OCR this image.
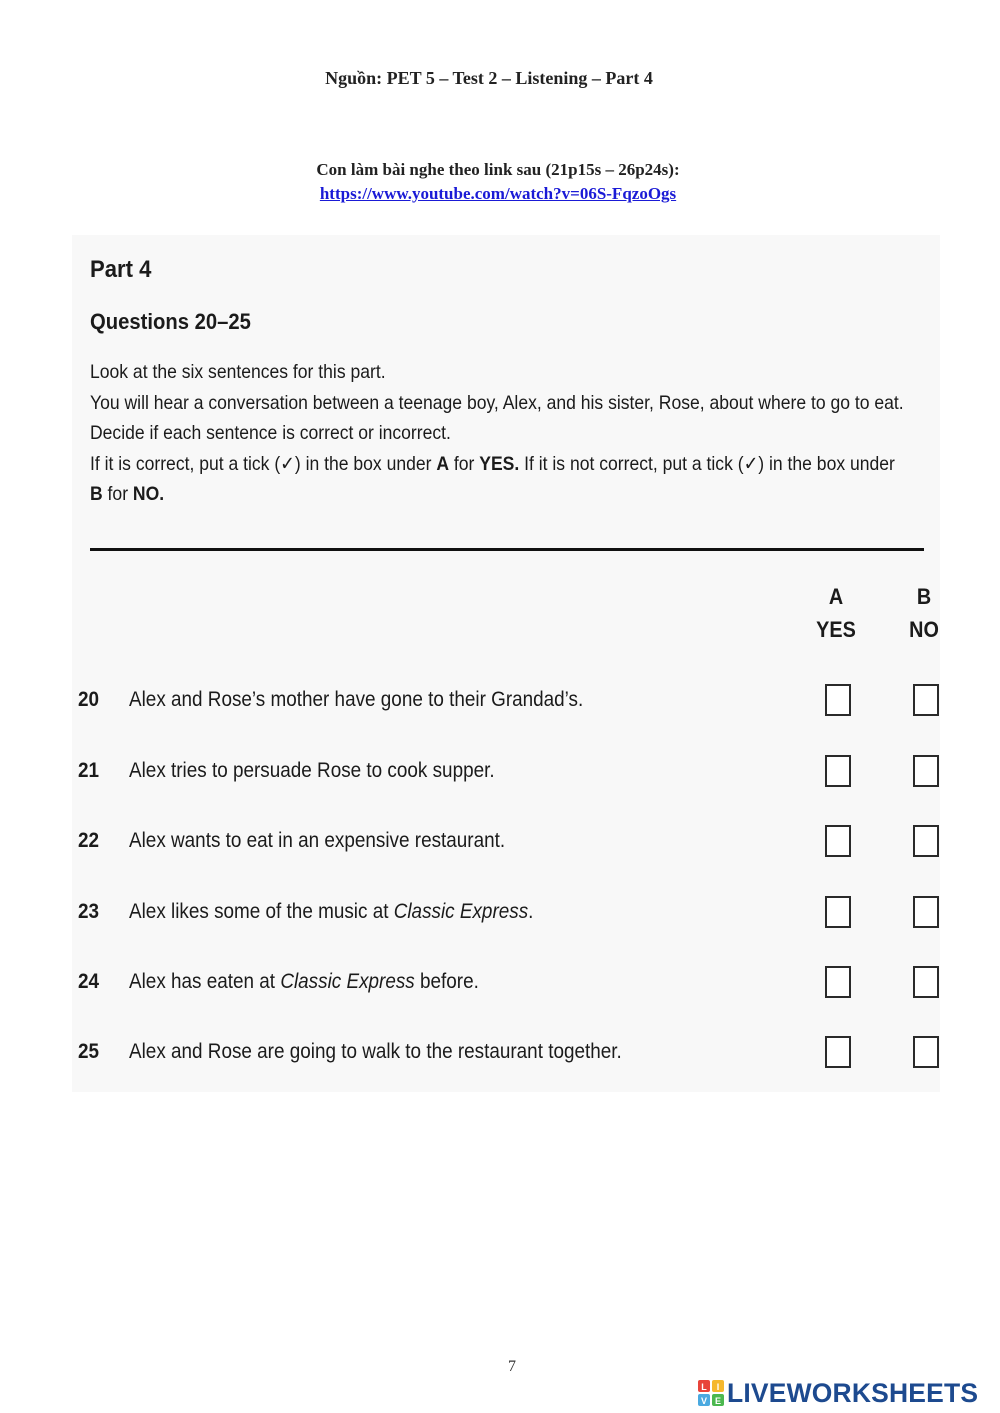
Nguồn: PET 5 – Test 2 – Listening – Part 4
Con làm bài nghe theo link sau (21p15s – 26p24s):
https://www.youtube.com/watch?v=06S-FqzoOgs
Part 4
Questions 20–25
Look at the six sentences for this part.
You will hear a conversation between a teenage boy, Alex, and his sister, Rose, about where to go to eat.
Decide if each sentence is correct or incorrect.
If it is correct, put a tick (✓) in the box under A for YES. If it is not correct, put a tick (✓) in the box under B for NO.
A
YES
B
NO
20 Alex and Rose’s mother have gone to their Grandad’s.
21 Alex tries to persuade Rose to cook supper.
22 Alex wants to eat in an expensive restaurant.
23 Alex likes some of the music at Classic Express.
24 Alex has eaten at Classic Express before.
25 Alex and Rose are going to walk to the restaurant together.
7
L I
V E LIVEWORKSHEETS
